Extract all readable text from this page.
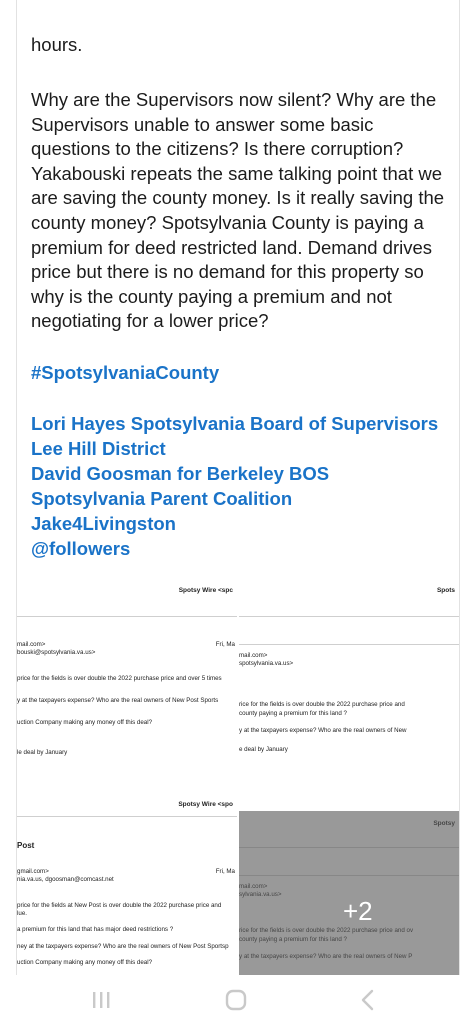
hours.
Why are the Supervisors now silent? Why are the Supervisors unable to answer some basic questions to the citizens? Is there corruption? Yakabouski repeats the same talking point that we are saving the county money. Is it really saving the county money? Spotsylvania County is paying a premium for deed restricted land. Demand drives price but there is no demand for this property so why is the county paying a premium and not negotiating for a lower price?
#SpotsylvaniaCounty
Lori Hayes Spotsylvania Board of Supervisors
Lee Hill District
David Goosman for Berkeley BOS
Spotsylvania Parent Coalition
Jake4Livingston
@followers
Spotsy Wire <spc
mail.com>	Fri, Ma
bouski@spotsylvania.va.us>
price for the fields is over double the 2022 purchase price and over 5 times
y at the taxpayers expense? Who are the real owners of New Post Sports
uction Company making any money off this deal?
le deal by January
Spots
mail.com>
spotsylvania.va.us>
rice for the fields is over double the 2022 purchase price and
county paying a premium for this land ?
y at the taxpayers expense? Who are the real owners of New
e deal by January
Spotsy Wire <spo
Post
gmail.com>	Fri, Ma
nia.va.us, dgoosman@comcast.net
price for the fields at New Post is over double the 2022 purchase price and
lue.
a premium for this land that has major deed restrictions ?
ney at the taxpayers expense? Who are the real owners of New Post Sportsp
uction Company making any money off this deal?
+2
